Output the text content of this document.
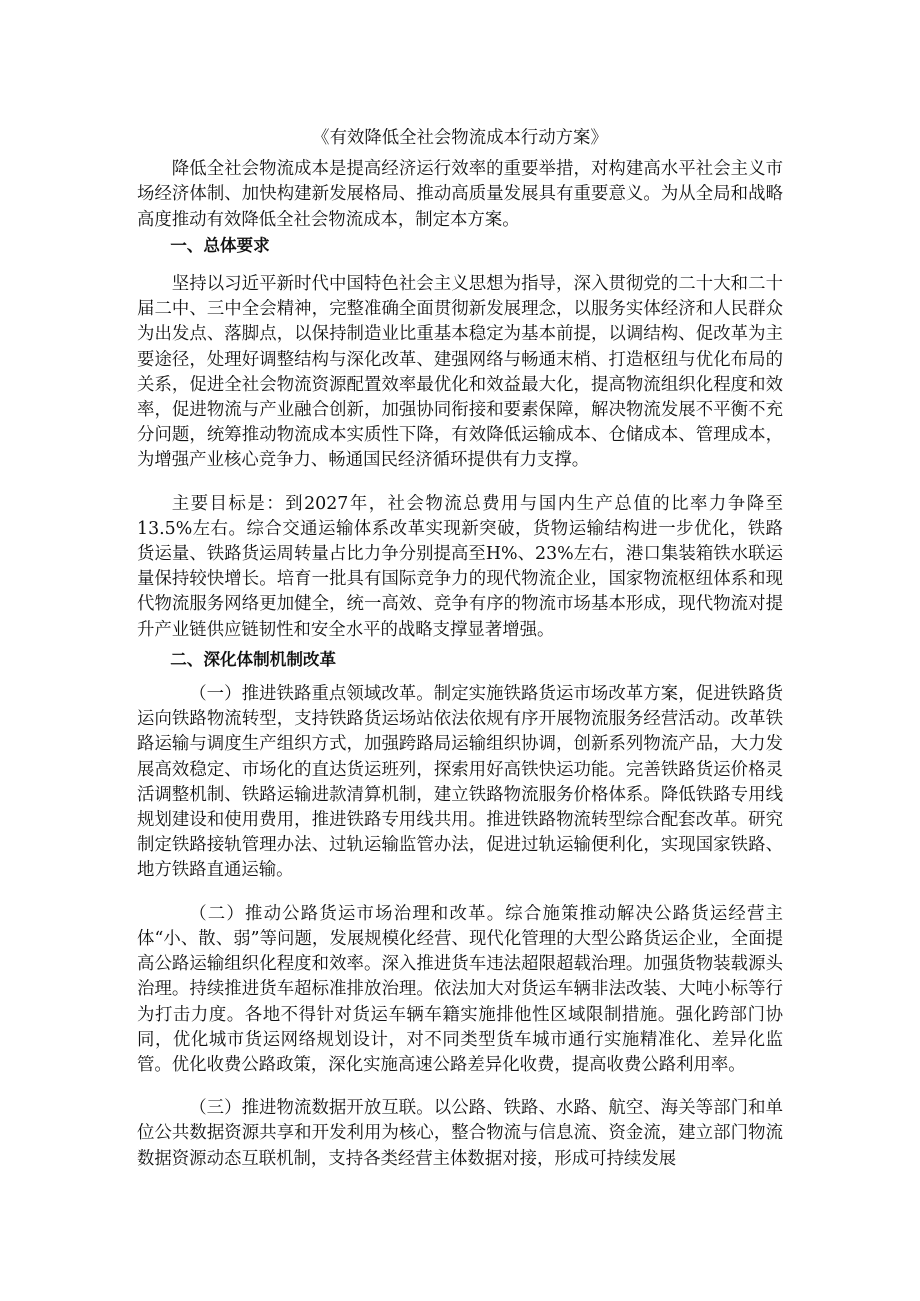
《有效降低全社会物流成本行动方案》

降低全社会物流成本是提高经济运行效率的重要举措，对构建高水平社会主义市场经济体制、加快构建新发展格局、推动高质量发展具有重要意义。为从全局和战略高度推动有效降低全社会物流成本，制定本方案。

一、总体要求

坚持以习近平新时代中国特色社会主义思想为指导，深入贯彻党的二十大和二十届二中、三中全会精神，完整准确全面贯彻新发展理念，以服务实体经济和人民群众为出发点、落脚点，以保持制造业比重基本稳定为基本前提，以调结构、促改革为主要途径，处理好调整结构与深化改革、建强网络与畅通末梢、打造枢纽与优化布局的关系，促进全社会物流资源配置效率最优化和效益最大化，提高物流组织化程度和效率，促进物流与产业融合创新，加强协同衔接和要素保障，解决物流发展不平衡不充分问题，统筹推动物流成本实质性下降，有效降低运输成本、仓储成本、管理成本，为增强产业核心竞争力、畅通国民经济循环提供有力支撑。

主要目标是：到2027年，社会物流总费用与国内生产总值的比率力争降至13.5%左右。综合交通运输体系改革实现新突破，货物运输结构进一步优化，铁路货运量、铁路货运周转量占比力争分别提高至H%、23%左右，港口集装箱铁水联运量保持较快增长。培育一批具有国际竞争力的现代物流企业，国家物流枢纽体系和现代物流服务网络更加健全，统一高效、竞争有序的物流市场基本形成，现代物流对提升产业链供应链韧性和安全水平的战略支撑显著增强。

二、深化体制机制改革

（一）推进铁路重点领域改革。制定实施铁路货运市场改革方案，促进铁路货运向铁路物流转型，支持铁路货运场站依法依规有序开展物流服务经营活动。改革铁路运输与调度生产组织方式，加强跨路局运输组织协调，创新系列物流产品，大力发展高效稳定、市场化的直达货运班列，探索用好高铁快运功能。完善铁路货运价格灵活调整机制、铁路运输进款清算机制，建立铁路物流服务价格体系。降低铁路专用线规划建设和使用费用，推进铁路专用线共用。推进铁路物流转型综合配套改革。研究制定铁路接轨管理办法、过轨运输监管办法，促进过轨运输便利化，实现国家铁路、地方铁路直通运输。

（二）推动公路货运市场治理和改革。综合施策推动解决公路货运经营主体“小、散、弱”等问题，发展规模化经营、现代化管理的大型公路货运企业，全面提高公路运输组织化程度和效率。深入推进货车违法超限超载治理。加强货物装载源头治理。持续推进货车超标准排放治理。依法加大对货运车辆非法改装、大吨小标等行为打击力度。各地不得针对货运车辆车籍实施排他性区域限制措施。强化跨部门协同，优化城市货运网络规划设计，对不同类型货车城市通行实施精准化、差异化监管。优化收费公路政策，深化实施高速公路差异化收费，提高收费公路利用率。

（三）推进物流数据开放互联。以公路、铁路、水路、航空、海关等部门和单位公共数据资源共享和开发利用为核心，整合物流与信息流、资金流，建立部门物流数据资源动态互联机制，支持各类经营主体数据对接，形成可持续发展
